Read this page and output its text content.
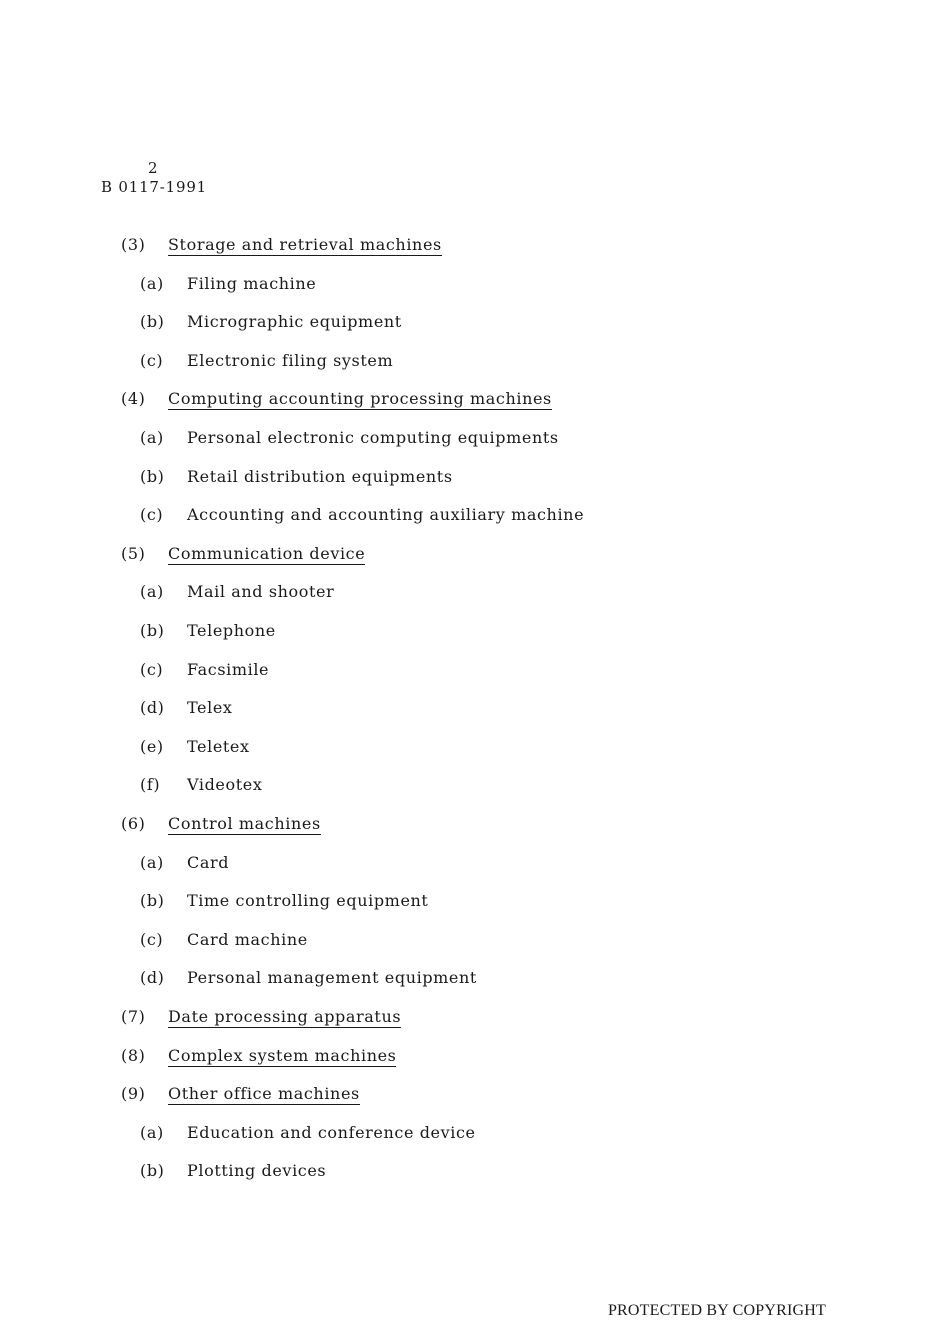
2
B 0117-1991
(3) Storage and retrieval machines
(a) Filing machine
(b) Micrographic equipment
(c) Electronic filing system
(4) Computing accounting processing machines
(a) Personal electronic computing equipments
(b) Retail distribution equipments
(c) Accounting and accounting auxiliary machine
(5) Communication device
(a) Mail and shooter
(b) Telephone
(c) Facsimile
(d) Telex
(e) Teletex
(f) Videotex
(6) Control machines
(a) Card
(b) Time controlling equipment
(c) Card machine
(d) Personal management equipment
(7) Date processing apparatus
(8) Complex system machines
(9) Other office machines
(a) Education and conference device
(b) Plotting devices
PROTECTED BY COPYRIGHT
